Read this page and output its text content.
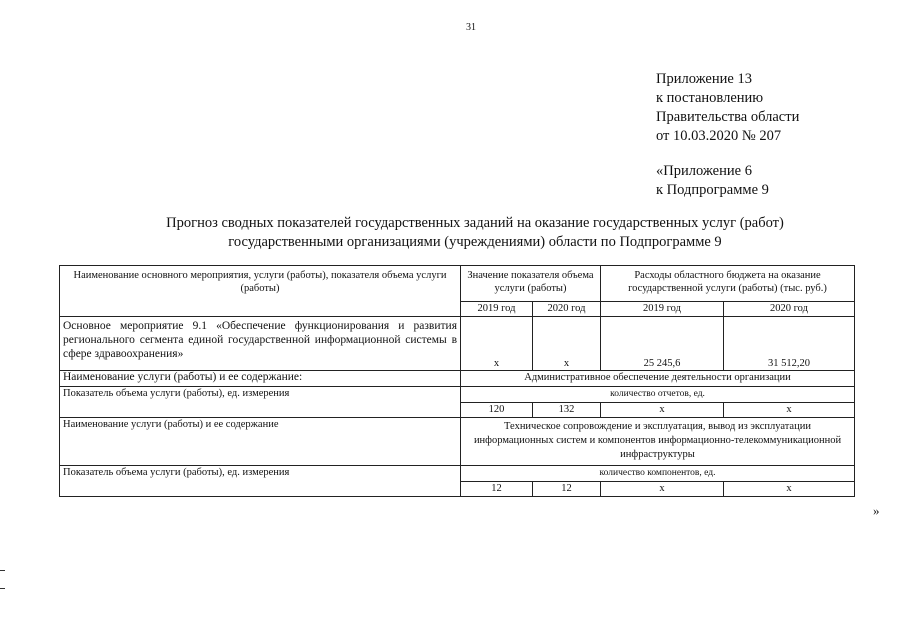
31
Приложение 13
к постановлению
Правительства области
от 10.03.2020 № 207
«Приложение 6
к Подпрограмме 9
Прогноз сводных показателей государственных заданий на оказание государственных услуг (работ)
государственными организациями (учреждениями) области по Подпрограмме 9
Наименование основного мероприятия, услуги (работы), показателя объема услуги (работы)	Значение показателя объема услуги (работы)		Расходы областного бюджета на оказание государственной услуги (работы) (тыс. руб.)	
	2019 год	2020 год	2019 год	2020 год
Основное мероприятие 9.1 «Обеспечение функционирования и развития регионального сегмента единой государственной информационной системы в сфере здравоохранения»	x	x	25 245,6	31 512,20
Наименование услуги (работы) и ее содержание:	Административное обеспечение деятельности организации			
Показатель объема услуги (работы), ед. измерения	количество отчетов, ед.			
	120	132	x	x
Наименование услуги (работы) и ее содержание	Техническое сопровождение и эксплуатация, вывод из эксплуатации информационных систем и компонентов информационно-телекоммуникационной инфраструктуры			
Показатель объема услуги (работы), ед. измерения	количество компонентов, ед.			
	12	12	x	x
»
